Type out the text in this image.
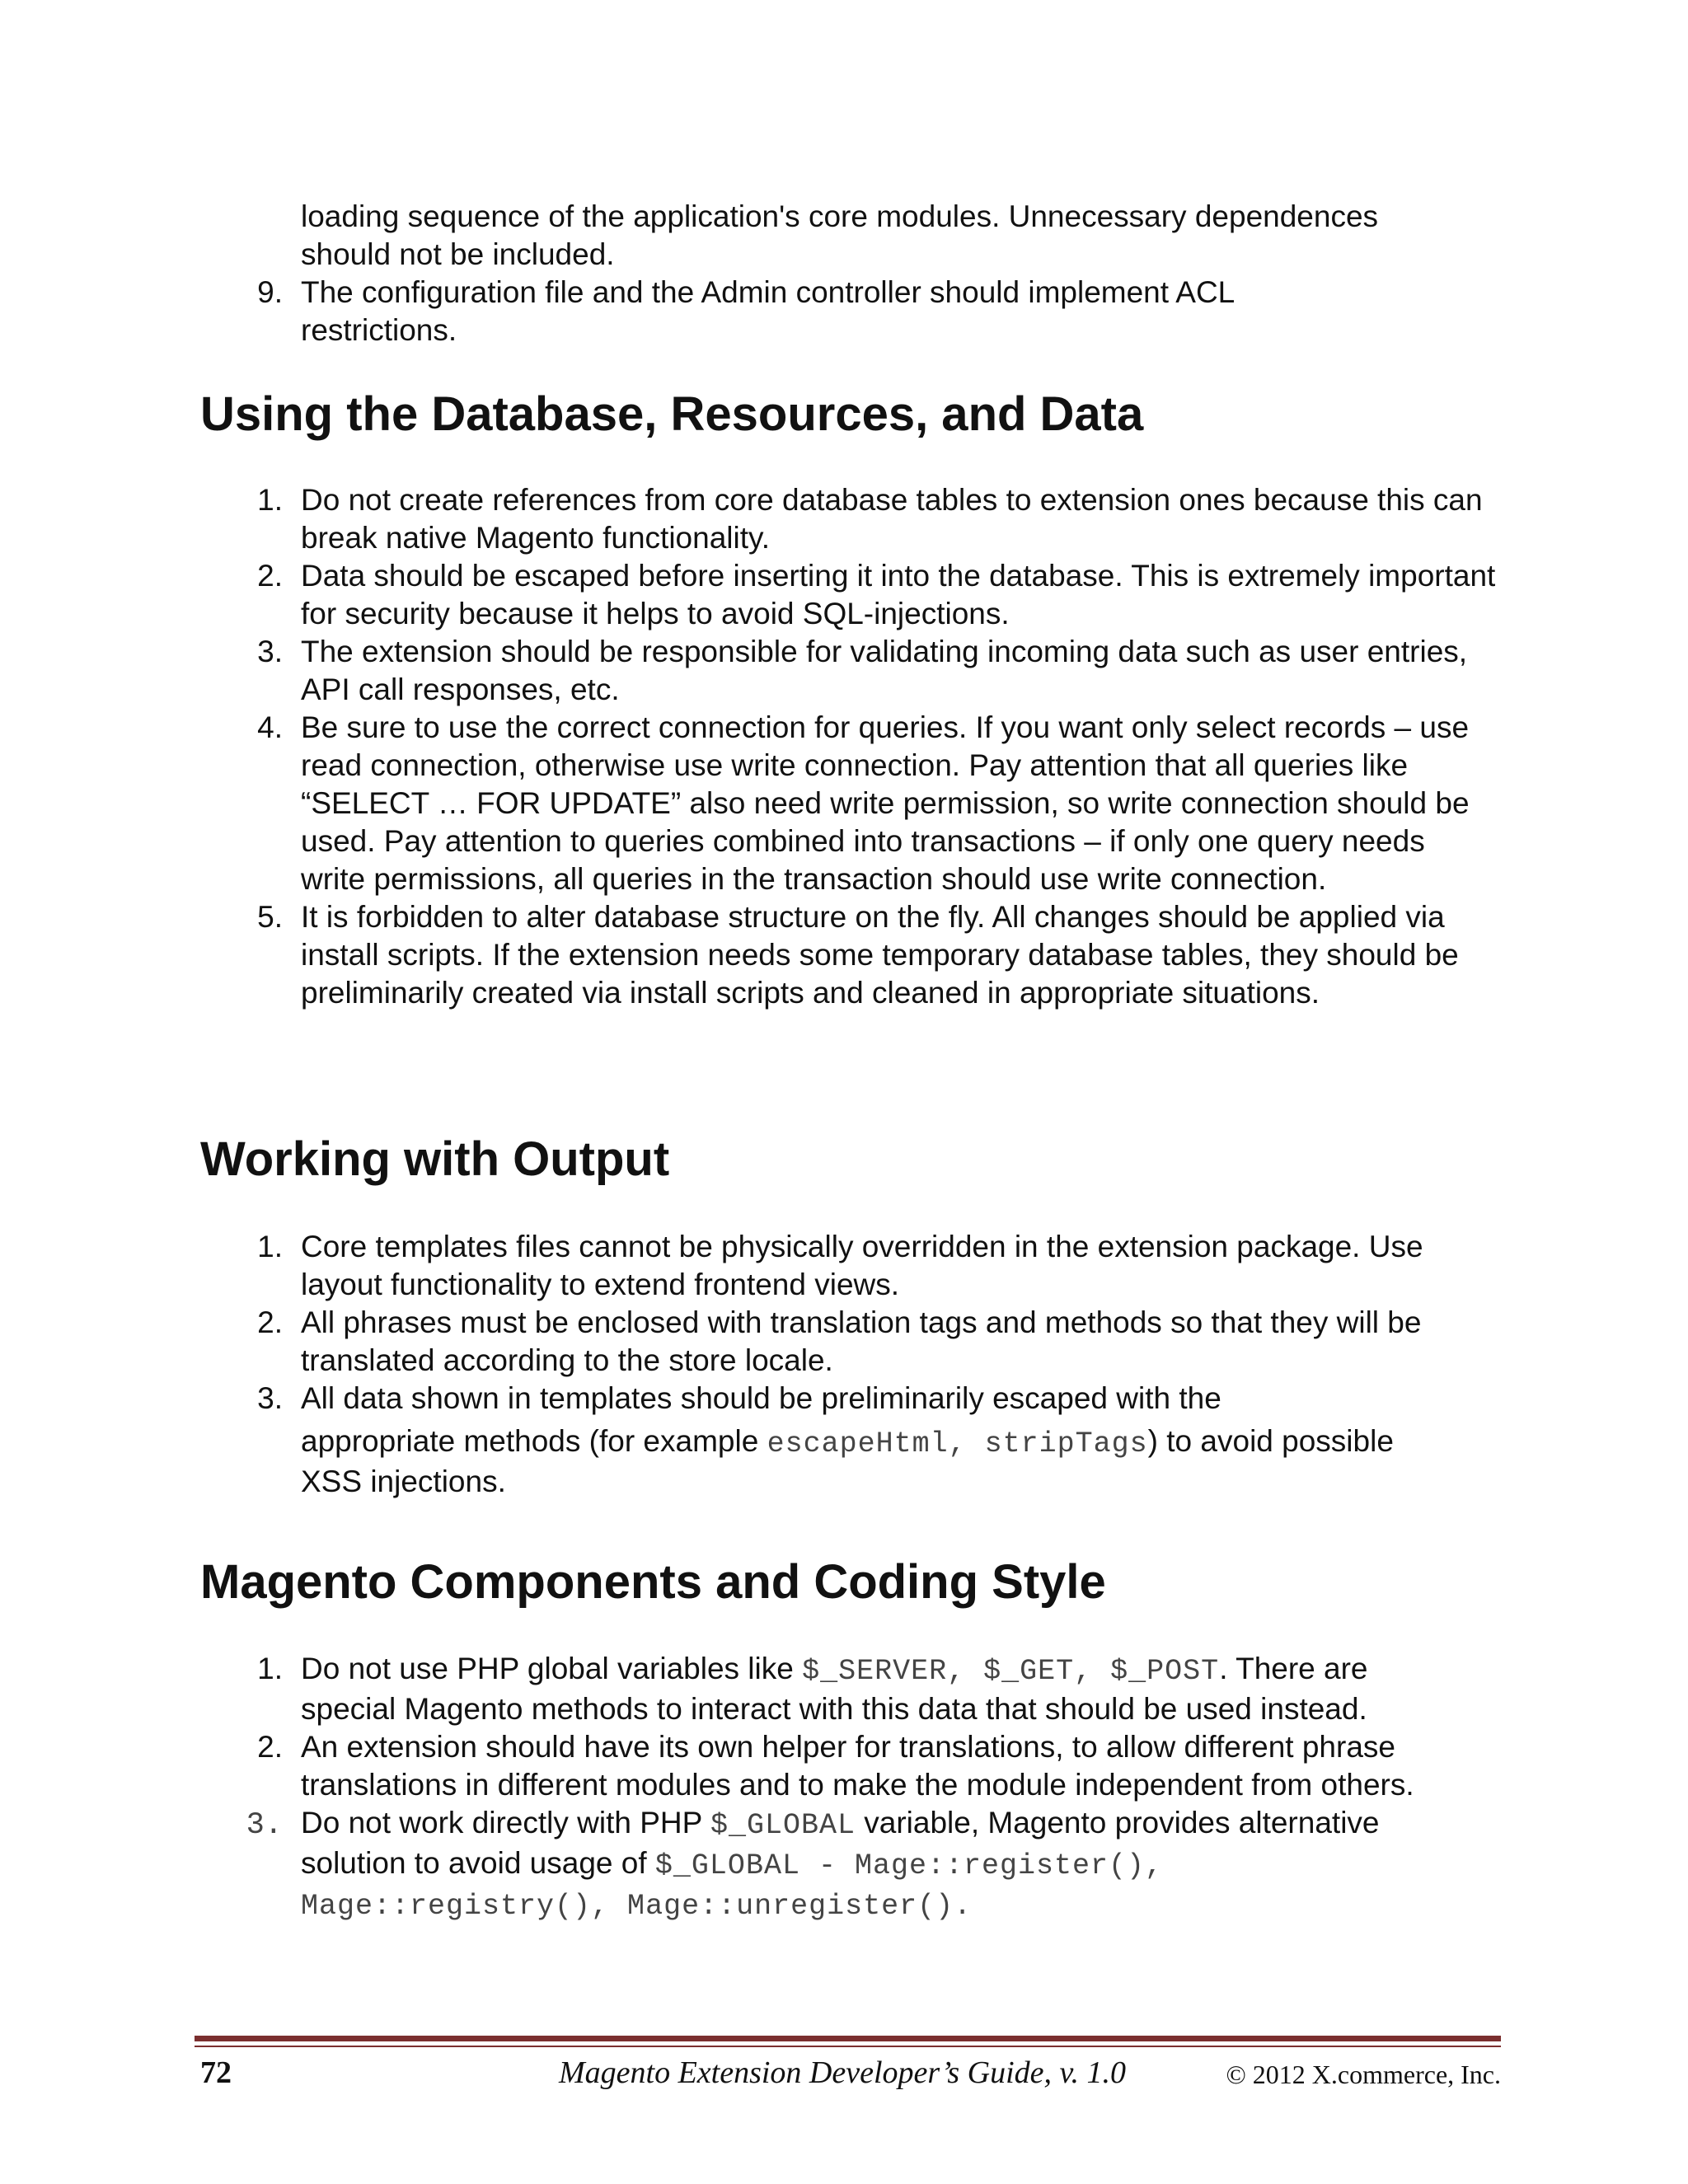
loading sequence of the application's core modules. Unnecessary dependences
should not be included.
9. The configuration file and the Admin controller should implement ACL
restrictions.
Using the Database, Resources, and Data
1. Do not create references from core database tables to extension ones because this can break native Magento functionality.
2. Data should be escaped before inserting it into the database. This is extremely important for security because it helps to avoid SQL-injections.
3. The extension should be responsible for validating incoming data such as user entries, API call responses, etc.
4. Be sure to use the correct connection for queries. If you want only select records – use read connection, otherwise use write connection. Pay attention that all queries like “SELECT … FOR UPDATE” also need write permission, so write connection should be used. Pay attention to queries combined into transactions – if only one query needs write permissions, all queries in the transaction should use write connection.
5. It is forbidden to alter database structure on the fly. All changes should be applied via install scripts. If the extension needs some temporary database tables, they should be preliminarily created via install scripts and cleaned in appropriate situations.
Working with Output
1. Core templates files cannot be physically overridden in the extension package. Use layout functionality to extend frontend views.
2. All phrases must be enclosed with translation tags and methods so that they will be translated according to the store locale.
3. All data shown in templates should be preliminarily escaped with the
appropriate methods (for example escapeHtml, stripTags) to avoid possible
XSS injections.
Magento Components and Coding Style
1. Do not use PHP global variables like $_SERVER, $_GET, $_POST. There are
special Magento methods to interact with this data that should be used instead.
2. An extension should have its own helper for translations, to allow different phrase translations in different modules and to make the module independent from others.
3. Do not work directly with PHP $_GLOBAL variable, Magento provides alternative
solution to avoid usage of $_GLOBAL - Mage::register(),
Mage::registry(), Mage::unregister().
72	Magento Extension Developer’s Guide, v. 1.0	© 2012 X.commerce, Inc.
